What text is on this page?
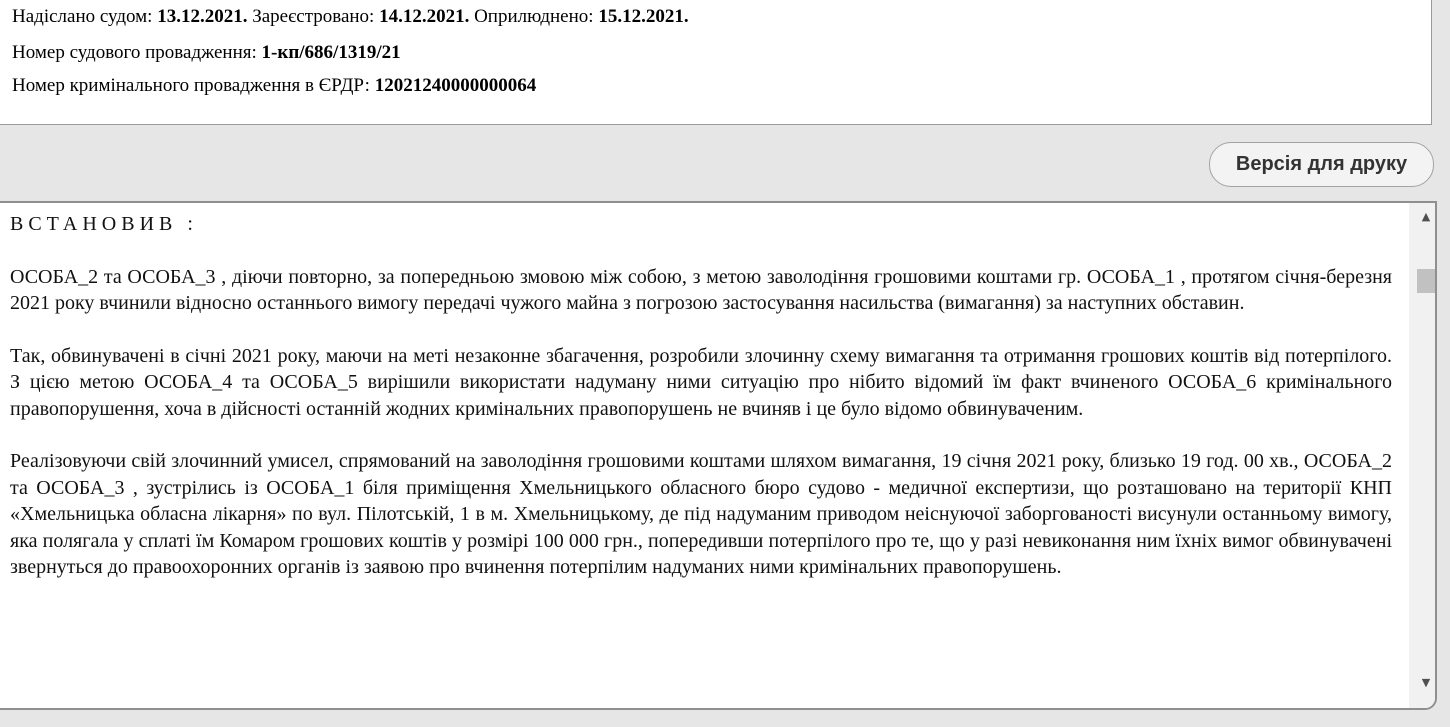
Надіслано судом: 13.12.2021. Зареєстровано: 14.12.2021. Оприлюднено: 15.12.2021.
Номер судового провадження: 1-кп/686/1319/21
Номер кримінального провадження в ЄРДР: 12021240000000064
Версія для друку

ВСТАНОВИВ :

ОСОБА_2 та ОСОБА_3 , діючи повторно, за попередньою змовою між собою, з метою заволодіння грошовими коштами гр. ОСОБА_1 , протягом січня-березня 2021 року вчинили відносно останнього вимогу передачі чужого майна з погрозою застосування насильства (вимагання) за наступних обставин.

Так, обвинувачені в січні 2021 року, маючи на меті незаконне збагачення, розробили злочинну схему вимагання та отримання грошових коштів від потерпілого. З цією метою ОСОБА_4 та ОСОБА_5 вирішили використати надуману ними ситуацію про нібито відомий їм факт вчиненого ОСОБА_6 кримінального правопорушення, хоча в дійсності останній жодних кримінальних правопорушень не вчиняв і це було відомо обвинуваченим.

Реалізовуючи свій злочинний умисел, спрямований на заволодіння грошовими коштами шляхом вимагання, 19 січня 2021 року, близько 19 год. 00 хв., ОСОБА_2 та ОСОБА_3 , зустрілись із ОСОБА_1 біля приміщення Хмельницького обласного бюро судово - медичної експертизи, що розташовано на території КНП «Хмельницька обласна лікарня» по вул. Пілотській, 1 в м. Хмельницькому, де під надуманим приводом неіснуючої заборгованості висунули останньому вимогу, яка полягала у сплаті їм Комаром грошових коштів у розмірі 100 000 грн., попередивши потерпілого про те, що у разі невиконання ним їхніх вимог обвинувачені звернуться до правоохоронних органів із заявою про вчинення потерпілим надуманих ними кримінальних правопорушень.

▲
▼
